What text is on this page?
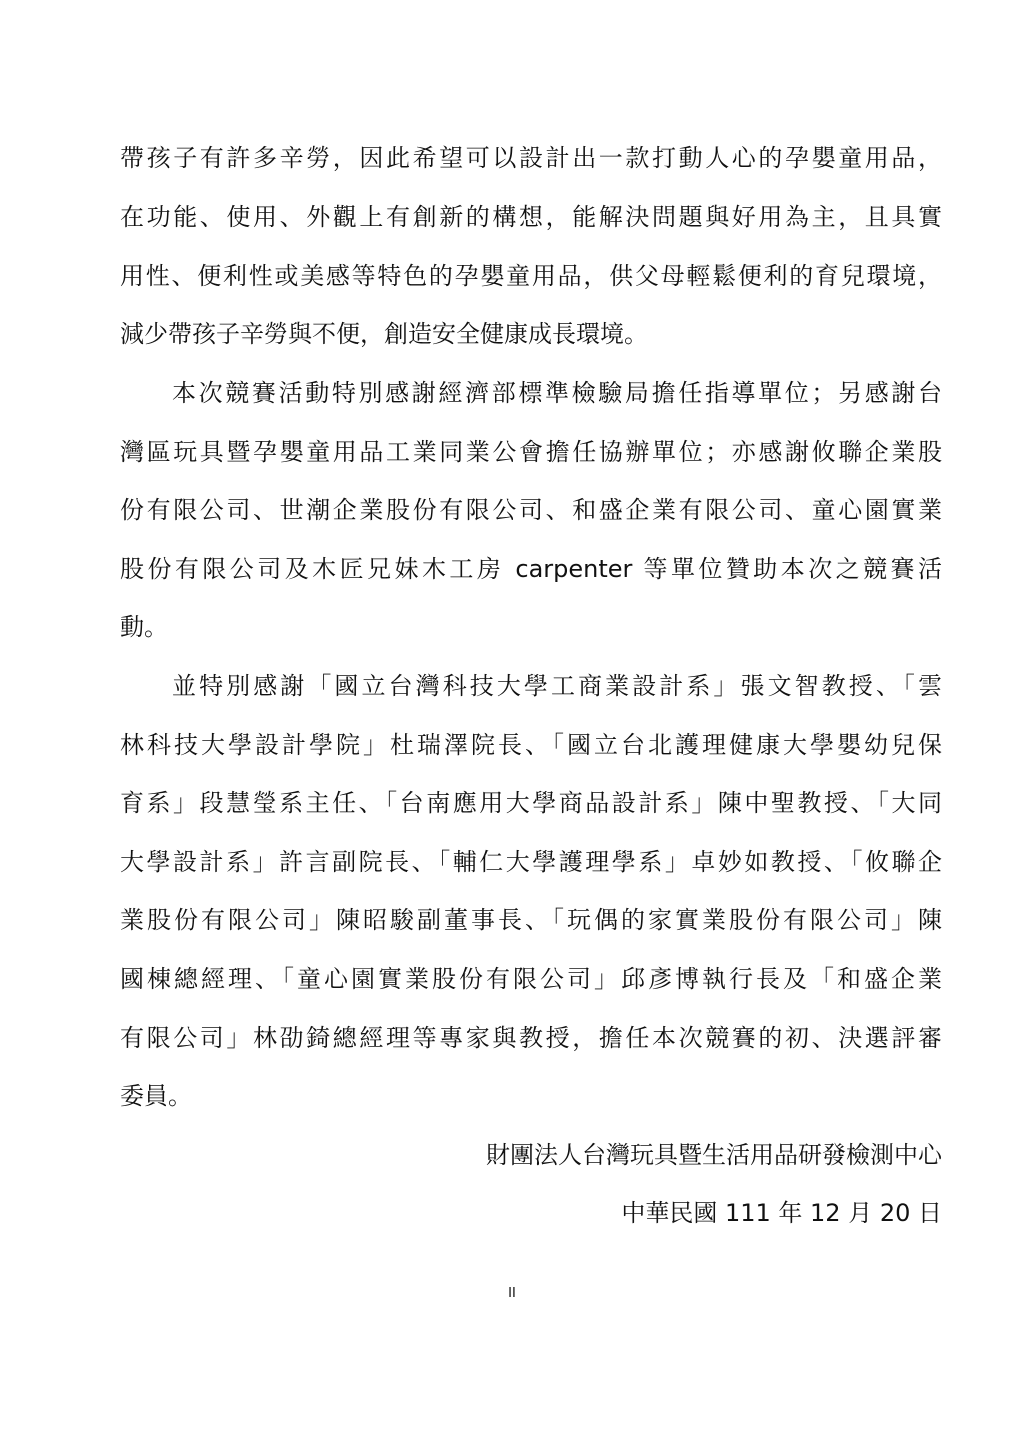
帶孩子有許多辛勞，因此希望可以設計出一款打動人心的孕嬰童用品，
在功能、使用、外觀上有創新的構想，能解決問題與好用為主，且具實
用性、便利性或美感等特色的孕嬰童用品，供父母輕鬆便利的育兒環境，
減少帶孩子辛勞與不便，創造安全健康成長環境。
本次競賽活動特別感謝經濟部標準檢驗局擔任指導單位；另感謝台
灣區玩具暨孕嬰童用品工業同業公會擔任協辦單位；亦感謝攸聯企業股
份有限公司、世潮企業股份有限公司、和盛企業有限公司、童心園實業
股份有限公司及木匠兄妹木工房 carpenter 等單位贊助本次之競賽活
動。
並特別感謝「國立台灣科技大學工商業設計系」張文智教授、「雲
林科技大學設計學院」杜瑞澤院長、「國立台北護理健康大學嬰幼兒保
育系」段慧瑩系主任、「台南應用大學商品設計系」陳中聖教授、「大同
大學設計系」許言副院長、「輔仁大學護理學系」卓妙如教授、「攸聯企
業股份有限公司」陳昭駿副董事長、「玩偶的家實業股份有限公司」陳
國棟總經理、「童心園實業股份有限公司」邱彥博執行長及「和盛企業
有限公司」林劭錡總經理等專家與教授，擔任本次競賽的初、決選評審
委員。
財團法人台灣玩具暨生活用品研發檢測中心
中華民國 111 年 12 月 20 日
II
